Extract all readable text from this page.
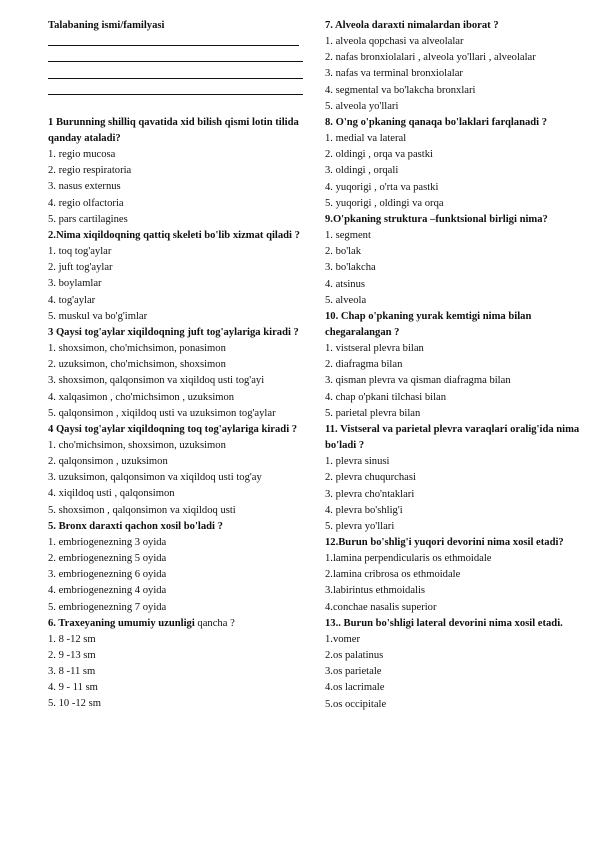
Talabaning ismi/familyasi
1 Burunning shilliq qavatida xid bilish qismi lotin tilida qanday ataladi?
1. regio mucosa
2. regio respiratoria
3. nasus externus
4. regio olfactoria
5. pars cartilagines
2.Nima xiqildoqning qattiq skeleti bo'lib xizmat qiladi ?
1. toq tog'aylar
2. juft tog'aylar
3. boylamlar
4. tog'aylar
5. muskul va bo'g'imlar
3 Qaysi tog'aylar xiqildoqning juft tog'aylariga kiradi ?
1. shoxsimon, cho'michsimon, ponasimon
2. uzuksimon, cho'michsimon, shoxsimon
3. shoxsimon, qalqonsimon va xiqildoq usti tog'ayi
4. xalqasimon , cho'michsimon , uzuksimon
5. qalqonsimon , xiqildoq usti va uzuksimon tog'aylar
4 Qaysi tog'aylar xiqildoqning toq tog'aylariga kiradi ?
1. cho'michsimon, shoxsimon, uzuksimon
2. qalqonsimon , uzuksimon
3. uzuksimon, qalqonsimon va xiqildoq usti tog'ay
4. xiqildoq usti , qalqonsimon
5. shoxsimon , qalqonsimon va xiqildoq usti
5. Bronx daraxti qachon xosil bo'ladi ?
1. embriogenezning 3 oyida
2. embriogenezning 5 oyida
3. embriogenezning 6 oyida
4. embriogenezning 4 oyida
5. embriogenezning 7 oyida
6. Traxeyaning umumiy uzunligi qancha ?
1. 8 -12 sm
2. 9 -13 sm
3. 8 -11 sm
4. 9 - 11 sm
5. 10 -12 sm
7. Alveola daraxti nimalardan iborat ?
1. alveola qopchasi va alveolalar
2. nafas bronxiolalari , alveola yo'llari , alveolalar
3. nafas va terminal bronxiolalar
4. segmental va bo'lakcha bronxlari
5. alveola yo'llari
8. O'ng o'pkaning qanaqa bo'laklari farqlanadi ?
1. medial va lateral
2. oldingi , orqa va pastki
3. oldingi , orqali
4. yuqorigi , o'rta va pastki
5. yuqorigi , oldingi va orqa
9.O'pkaning struktura –funktsional birligi nima?
1. segment
2. bo'lak
3. bo'lakcha
4. atsinus
5. alveola
10. Chap o'pkaning yurak kemtigi nima bilan chegaralangan ?
1. vistseral plevra bilan
2. diafragma bilan
3. qisman plevra va qisman diafragma bilan
4. chap o'pkani tilchasi bilan
5. parietal plevra bilan
11. Vistseral va parietal plevra varaqlari oralig'ida nima bo'ladi ?
1. plevra sinusi
2. plevra chuqurchasi
3. plevra cho'ntaklari
4. plevra bo'shlig'i
5. plevra yo'llari
12.Burun bo'shlig'i yuqori devorini nima xosil etadi?
1.lamina perpendicularis os ethmoidale
2.lamina cribrosa os ethmoidale
3.labirintus ethmoidalis
4.conchae nasalis superior
13.. Burun bo'shligi lateral devorini nima xosil etadi.
1.vomer
2.os palatinus
3.os parietale
4.os lacrimale
5.os occipitale
